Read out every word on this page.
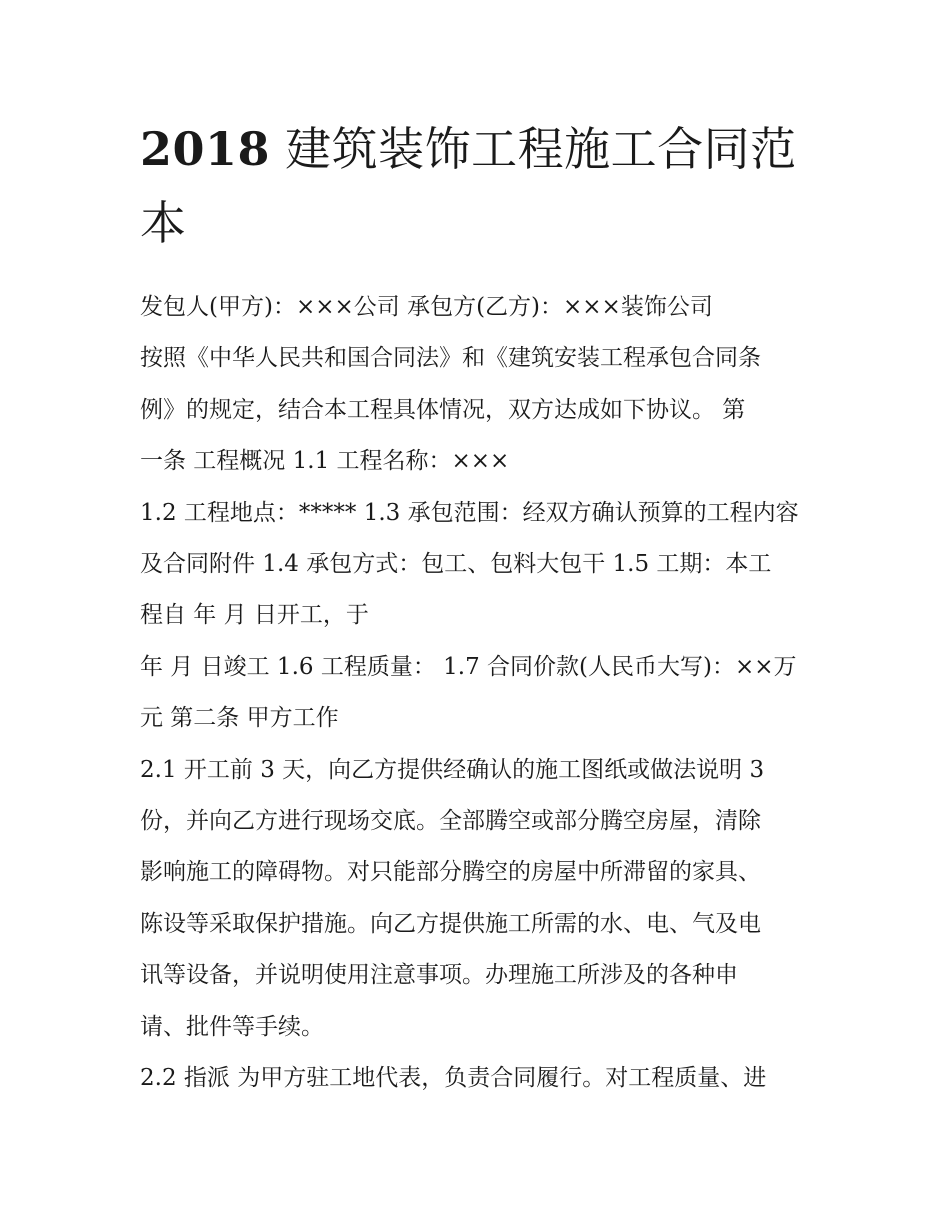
2018 建筑装饰工程施工合同范本
发包人(甲方)：×××公司 承包方(乙方)：×××装饰公司
按照《中华人民共和国合同法》和《建筑安装工程承包合同条
例》的规定，结合本工程具体情况，双方达成如下协议。 第
一条 工程概况 1.1 工程名称：×××
1.2 工程地点：***** 1.3 承包范围：经双方确认预算的工程内容
及合同附件 1.4 承包方式：包工、包料大包干 1.5 工期：本工
程自 年 月 日开工，于
年 月 日竣工 1.6 工程质量： 1.7 合同价款(人民币大写)：××万
元 第二条 甲方工作
2.1 开工前 3 天，向乙方提供经确认的施工图纸或做法说明 3
份，并向乙方进行现场交底。全部腾空或部分腾空房屋，清除
影响施工的障碍物。对只能部分腾空的房屋中所滞留的家具、
陈设等采取保护措施。向乙方提供施工所需的水、电、气及电
讯等设备，并说明使用注意事项。办理施工所涉及的各种申
请、批件等手续。
2.2 指派 为甲方驻工地代表，负责合同履行。对工程质量、进
